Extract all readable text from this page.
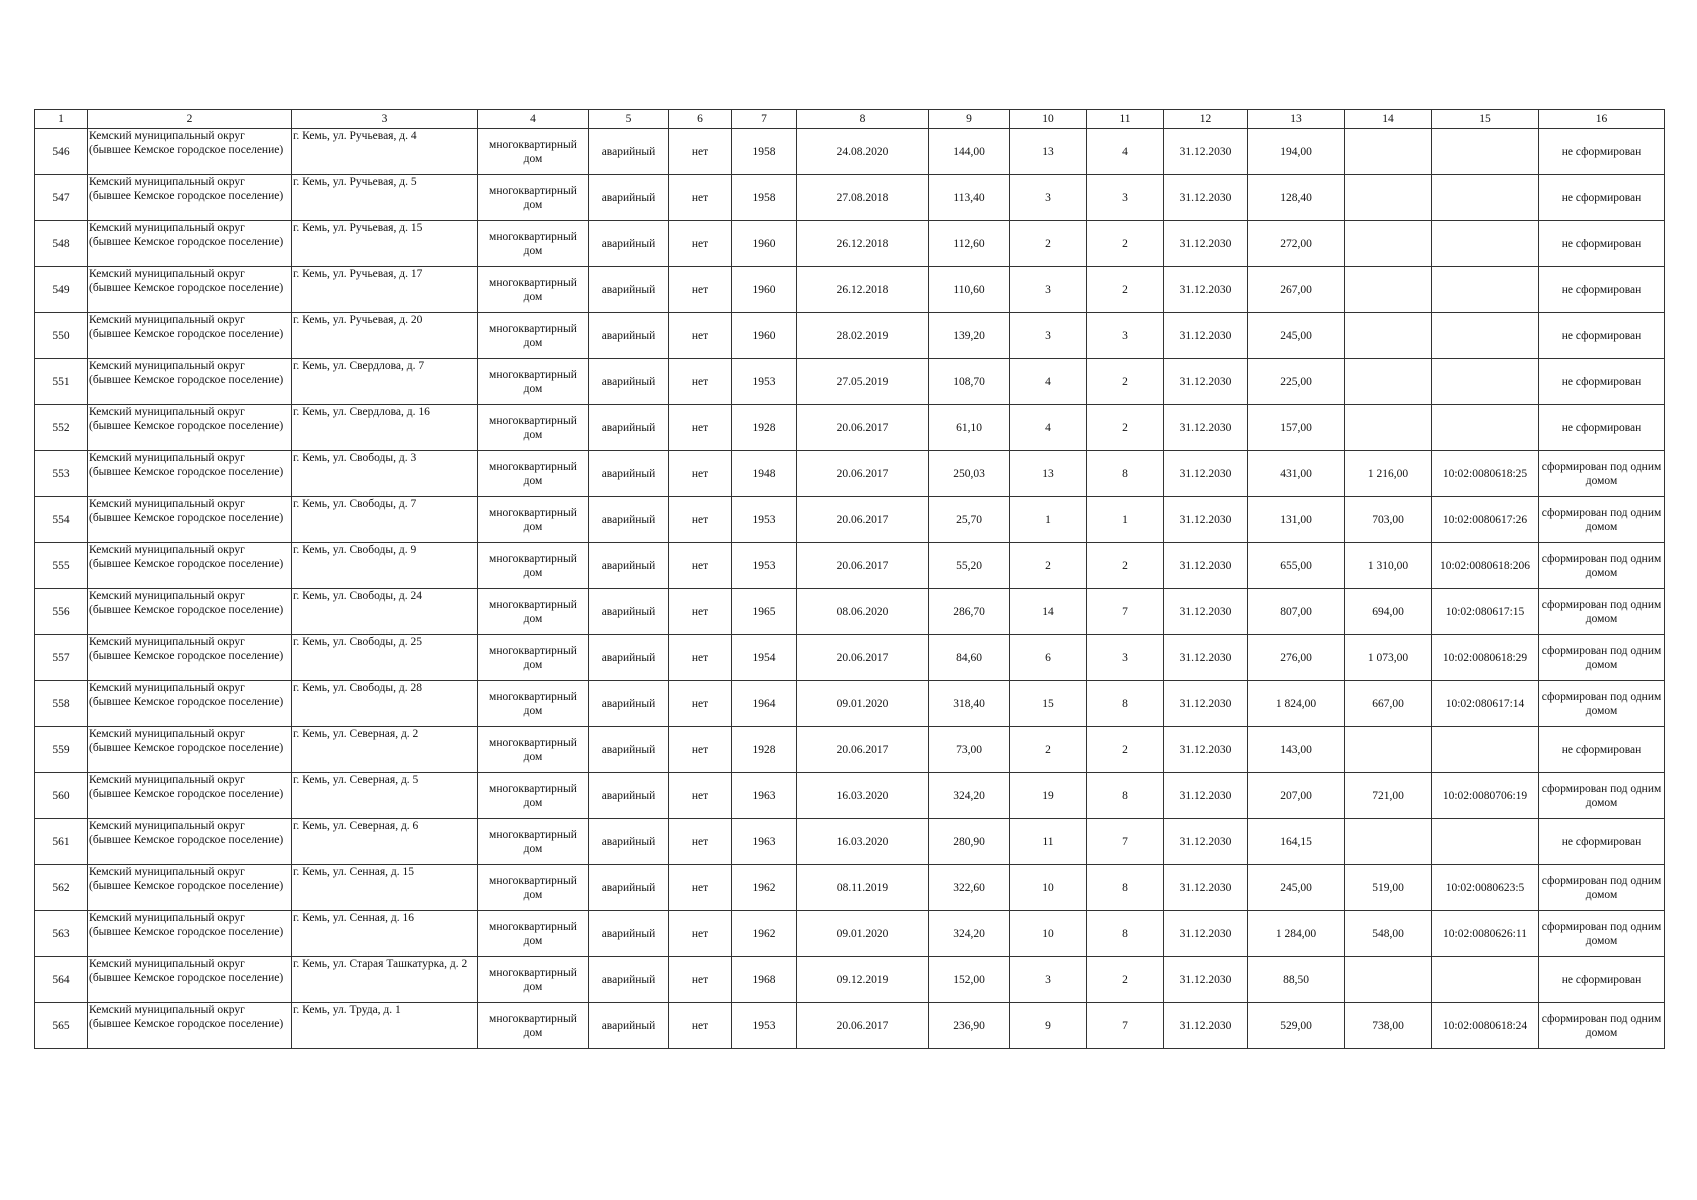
1	2	3	4	5	6	7	8	9	10	11	12	13	14	15	16
546	Кемский муниципальный округ (бывшее Кемское городское поселение)	г. Кемь, ул. Ручьевая, д. 4	многоквартирный дом	аварийный	нет	1958	24.08.2020	144,00	13	4	31.12.2030	194,00			не сформирован
547	Кемский муниципальный округ (бывшее Кемское городское поселение)	г. Кемь, ул. Ручьевая, д. 5	многоквартирный дом	аварийный	нет	1958	27.08.2018	113,40	3	3	31.12.2030	128,40			не сформирован
548	Кемский муниципальный округ (бывшее Кемское городское поселение)	г. Кемь, ул. Ручьевая, д. 15	многоквартирный дом	аварийный	нет	1960	26.12.2018	112,60	2	2	31.12.2030	272,00			не сформирован
549	Кемский муниципальный округ (бывшее Кемское городское поселение)	г. Кемь, ул. Ручьевая, д. 17	многоквартирный дом	аварийный	нет	1960	26.12.2018	110,60	3	2	31.12.2030	267,00			не сформирован
550	Кемский муниципальный округ (бывшее Кемское городское поселение)	г. Кемь, ул. Ручьевая, д. 20	многоквартирный дом	аварийный	нет	1960	28.02.2019	139,20	3	3	31.12.2030	245,00			не сформирован
551	Кемский муниципальный округ (бывшее Кемское городское поселение)	г. Кемь, ул. Свердлова, д. 7	многоквартирный дом	аварийный	нет	1953	27.05.2019	108,70	4	2	31.12.2030	225,00			не сформирован
552	Кемский муниципальный округ (бывшее Кемское городское поселение)	г. Кемь, ул. Свердлова, д. 16	многоквартирный дом	аварийный	нет	1928	20.06.2017	61,10	4	2	31.12.2030	157,00			не сформирован
553	Кемский муниципальный округ (бывшее Кемское городское поселение)	г. Кемь, ул. Свободы, д. 3	многоквартирный дом	аварийный	нет	1948	20.06.2017	250,03	13	8	31.12.2030	431,00	1 216,00	10:02:0080618:25	сформирован под одним домом
554	Кемский муниципальный округ (бывшее Кемское городское поселение)	г. Кемь, ул. Свободы, д. 7	многоквартирный дом	аварийный	нет	1953	20.06.2017	25,70	1	1	31.12.2030	131,00	703,00	10:02:0080617:26	сформирован под одним домом
555	Кемский муниципальный округ (бывшее Кемское городское поселение)	г. Кемь, ул. Свободы, д. 9	многоквартирный дом	аварийный	нет	1953	20.06.2017	55,20	2	2	31.12.2030	655,00	1 310,00	10:02:0080618:206	сформирован под одним домом
556	Кемский муниципальный округ (бывшее Кемское городское поселение)	г. Кемь, ул. Свободы, д. 24	многоквартирный дом	аварийный	нет	1965	08.06.2020	286,70	14	7	31.12.2030	807,00	694,00	10:02:080617:15	сформирован под одним домом
557	Кемский муниципальный округ (бывшее Кемское городское поселение)	г. Кемь, ул. Свободы, д. 25	многоквартирный дом	аварийный	нет	1954	20.06.2017	84,60	6	3	31.12.2030	276,00	1 073,00	10:02:0080618:29	сформирован под одним домом
558	Кемский муниципальный округ (бывшее Кемское городское поселение)	г. Кемь, ул. Свободы, д. 28	многоквартирный дом	аварийный	нет	1964	09.01.2020	318,40	15	8	31.12.2030	1 824,00	667,00	10:02:080617:14	сформирован под одним домом
559	Кемский муниципальный округ (бывшее Кемское городское поселение)	г. Кемь, ул. Северная, д. 2	многоквартирный дом	аварийный	нет	1928	20.06.2017	73,00	2	2	31.12.2030	143,00			не сформирован
560	Кемский муниципальный округ (бывшее Кемское городское поселение)	г. Кемь, ул. Северная, д. 5	многоквартирный дом	аварийный	нет	1963	16.03.2020	324,20	19	8	31.12.2030	207,00	721,00	10:02:0080706:19	сформирован под одним домом
561	Кемский муниципальный округ (бывшее Кемское городское поселение)	г. Кемь, ул. Северная, д. 6	многоквартирный дом	аварийный	нет	1963	16.03.2020	280,90	11	7	31.12.2030	164,15			не сформирован
562	Кемский муниципальный округ (бывшее Кемское городское поселение)	г. Кемь, ул. Сенная, д. 15	многоквартирный дом	аварийный	нет	1962	08.11.2019	322,60	10	8	31.12.2030	245,00	519,00	10:02:0080623:5	сформирован под одним домом
563	Кемский муниципальный округ (бывшее Кемское городское поселение)	г. Кемь, ул. Сенная, д. 16	многоквартирный дом	аварийный	нет	1962	09.01.2020	324,20	10	8	31.12.2030	1 284,00	548,00	10:02:0080626:11	сформирован под одним домом
564	Кемский муниципальный округ (бывшее Кемское городское поселение)	г. Кемь, ул. Старая Ташкатурка, д. 2	многоквартирный дом	аварийный	нет	1968	09.12.2019	152,00	3	2	31.12.2030	88,50			не сформирован
565	Кемский муниципальный округ (бывшее Кемское городское поселение)	г. Кемь, ул. Труда, д. 1	многоквартирный дом	аварийный	нет	1953	20.06.2017	236,90	9	7	31.12.2030	529,00	738,00	10:02:0080618:24	сформирован под одним домом
